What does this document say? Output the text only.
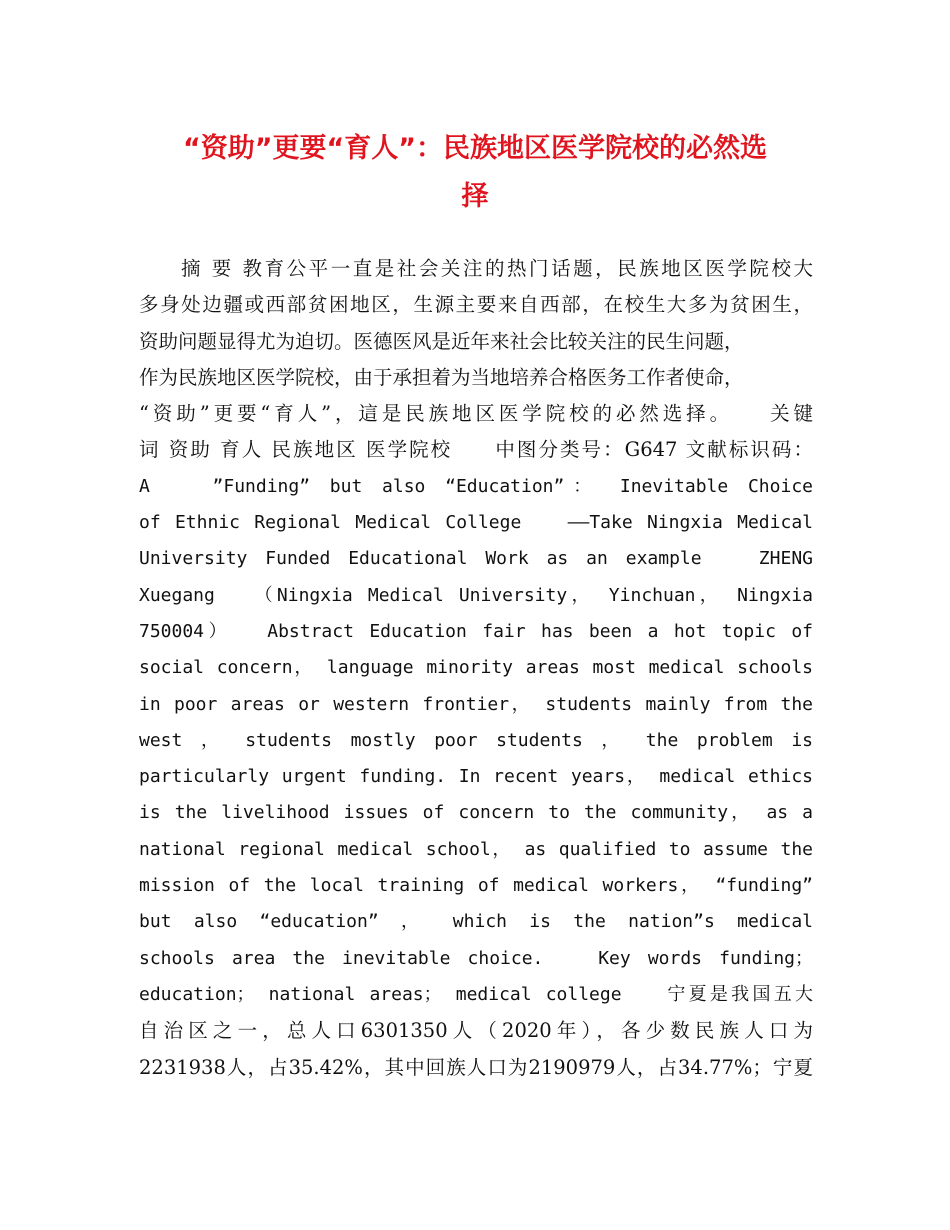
“资助”更要“育人”：民族地区医学院校的必然选
择
摘 要 教育公平一直是社会关注的热门话题，民族地区医学院校大
多身处边疆或西部贫困地区，生源主要来自西部，在校生大多为贫困生，
资助问题显得尤为迫切。医德医风是近年来社会比较关注的民生问题，
作为民族地区医学院校，由于承担着为当地培养合格医务工作者使命，
“资助”更要“育人”，這是民族地区医学院校的必然选择。　　关键
词 资助 育人 民族地区 医学院校　　中图分类号：G647 文献标识码：
A　　”Funding” but also “Education”： Inevitable Choice
of Ethnic Regional Medical College　　——Take Ningxia Medical
University Funded Educational Work as an example　　ZHENG
Xuegang　　（Ningxia Medical University， Yinchuan， Ningxia
750004）　　Abstract Education fair has been a hot topic of
social concern， language minority areas most medical schools
in poor areas or western frontier， students mainly from the
west ， students mostly poor students ， the problem is
particularly urgent funding. In recent years， medical ethics
is the livelihood issues of concern to the community， as a
national regional medical school， as qualified to assume the
mission of the local training of medical workers， “funding”
but also “education” ， which is the nation”s medical
schools area the inevitable choice.　　Key words funding；
education； national areas； medical college　　宁夏是我国五大
自治区之一，总人口6301350人（2020年），各少数民族人口为
2231938人，占35.42%，其中回族人口为2190979人，占34.77%；宁夏
